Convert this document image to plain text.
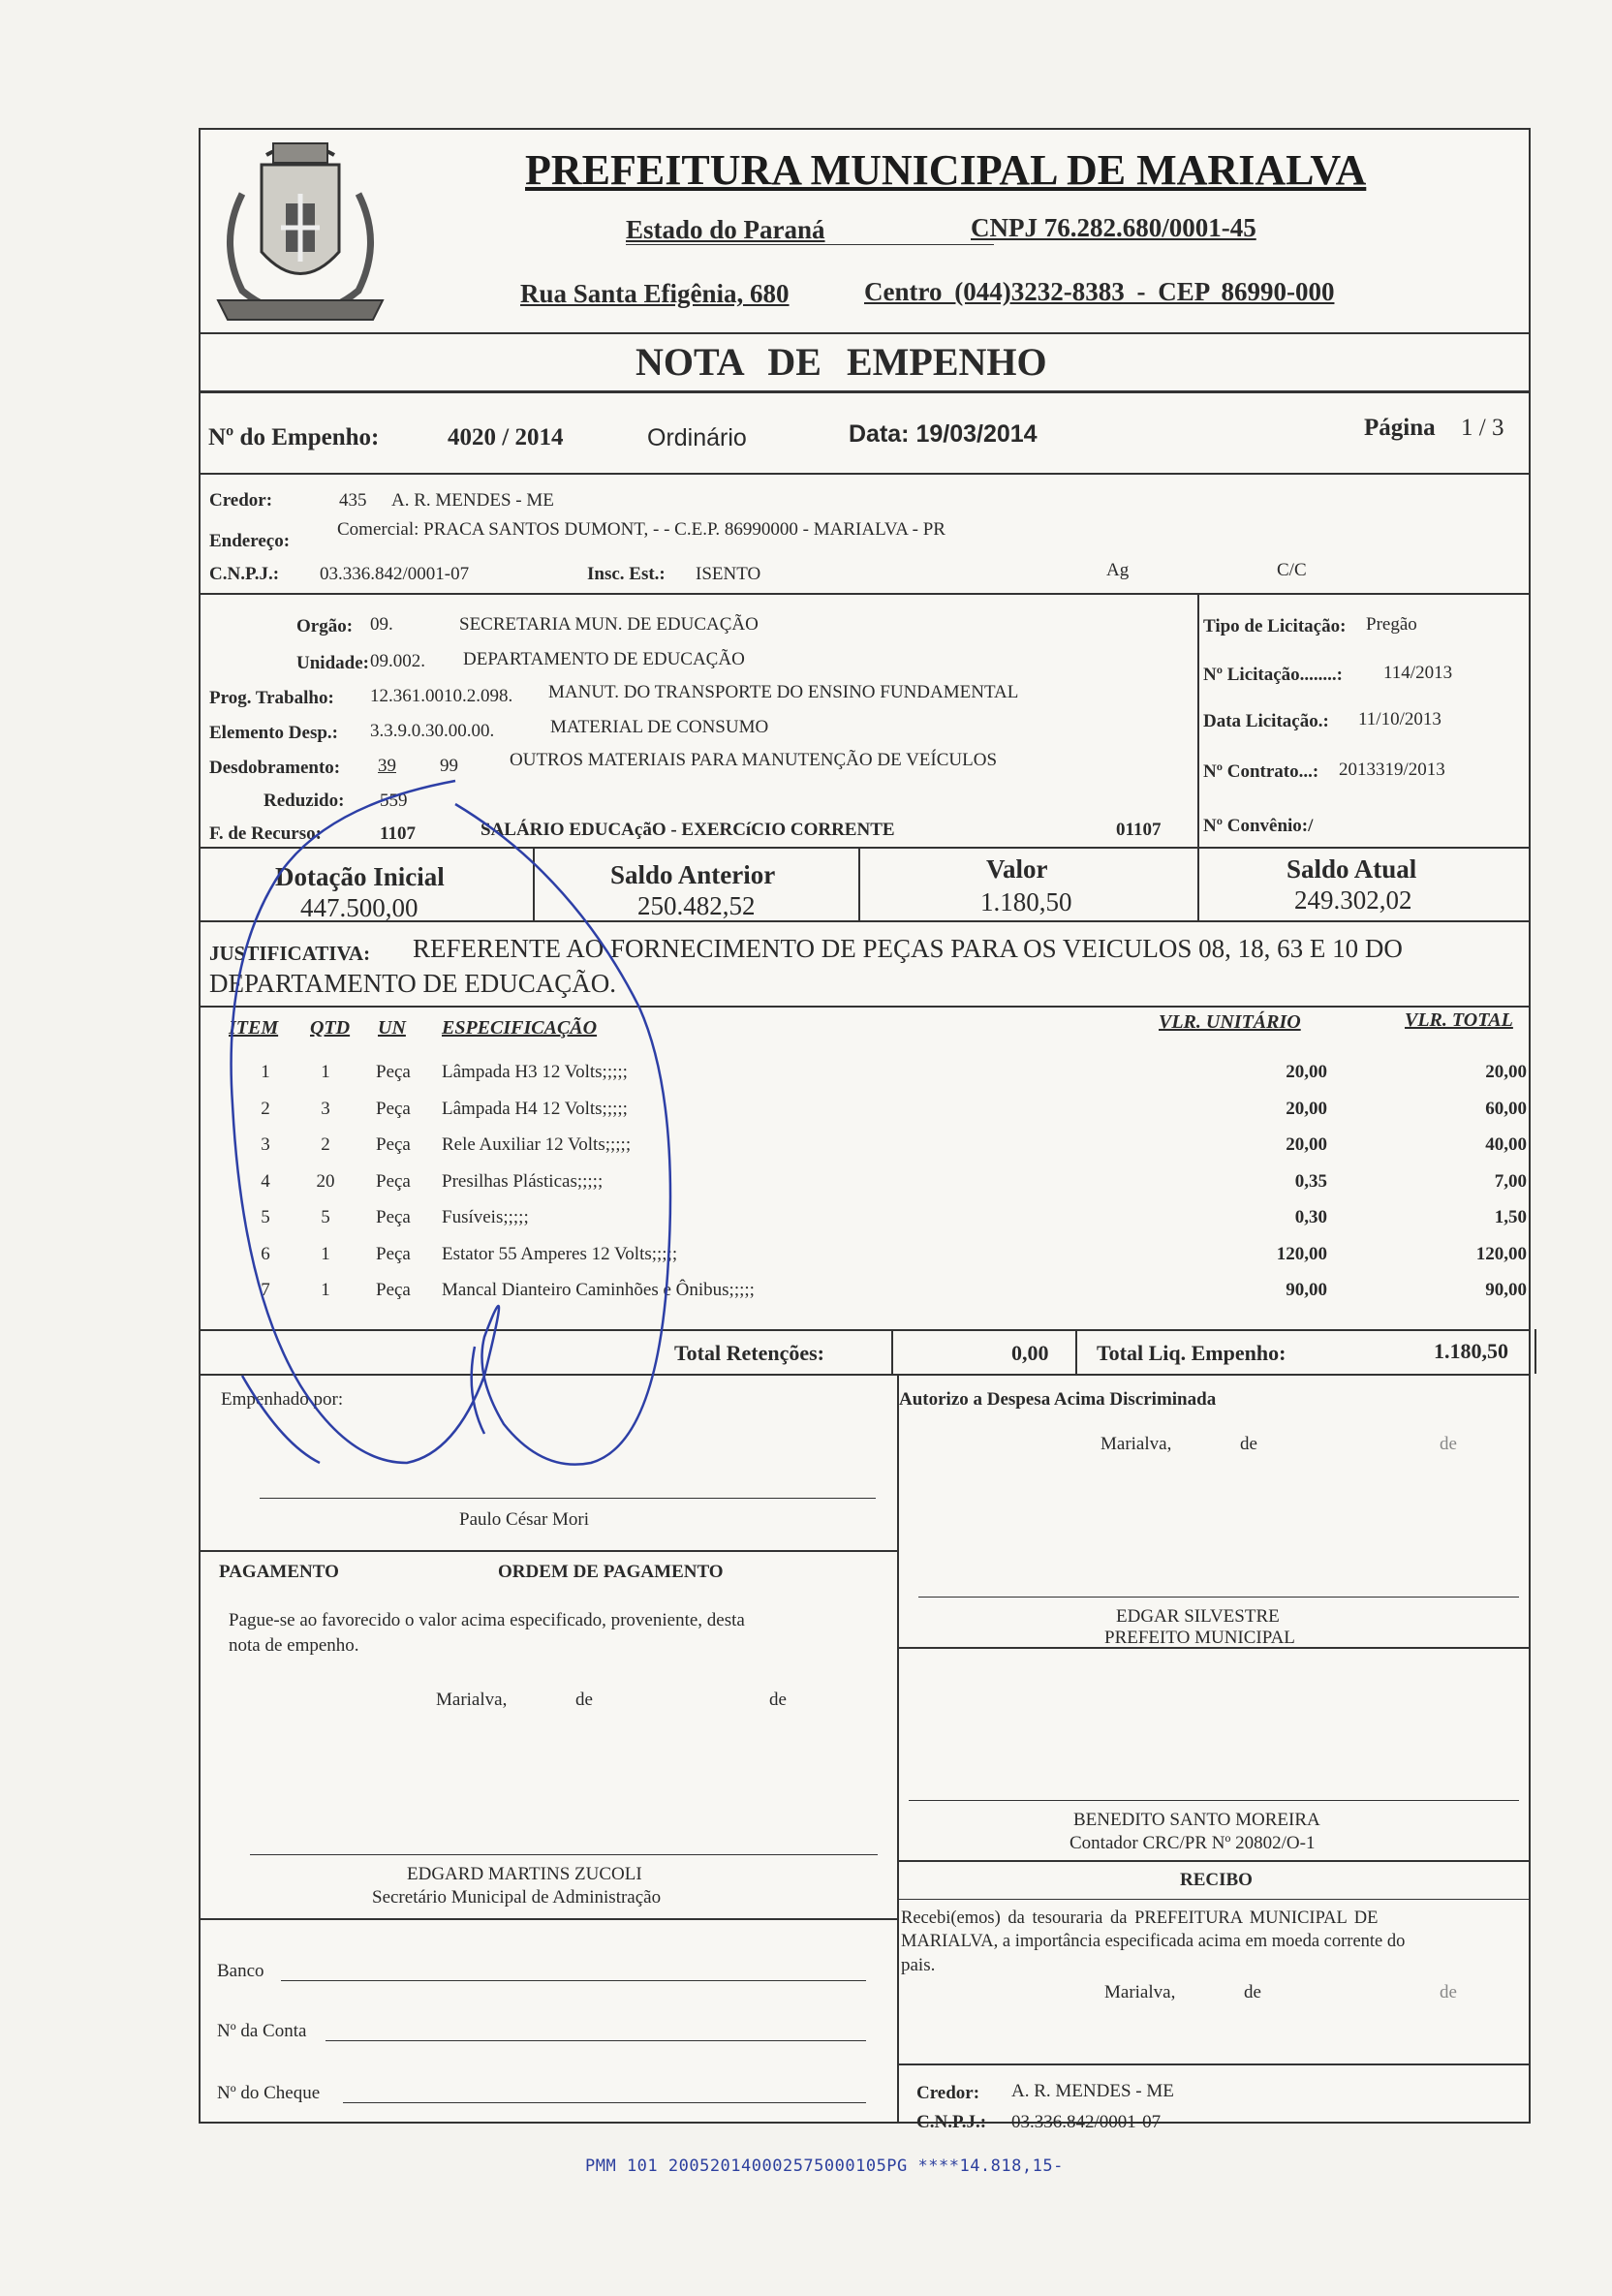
PREFEITURA MUNICIPAL DE MARIALVA
Estado do Paraná	CNPJ 76.282.680/0001-45
Rua Santa Efigênia, 680	Centro (044)3232-8383 - CEP 86990-000
NOTA DE EMPENHO
Nº do Empenho:	4020 / 2014	Ordinário	Data: 19/03/2014	Página 1 / 3
Credor:	435 A. R. MENDES - ME
Endereço:
Comercial: PRACA SANTOS DUMONT, - - C.E.P. 86990000 - MARIALVA - PR
C.N.P.J.: 03.336.842/0001-07	Insc. Est.: ISENTO	Ag	C/C
Orgão: 09.	SECRETARIA MUN. DE EDUCAÇÃO
Unidade: 09.002. DEPARTAMENTO DE EDUCAÇÃO
Prog. Trabalho: 12.361.0010.2.098. MANUT. DO TRANSPORTE DO ENSINO FUNDAMENTAL
Elemento Desp.: 3.3.9.0.30.00.00.	MATERIAL DE CONSUMO
Desdobramento: 39 99	OUTROS MATERIAIS PARA MANUTENÇÃO DE VEÍCULOS
Reduzido: 559
F. de Recurso:	1107	SALÁRIO EDUCAçãO - EXERCíCIO CORRENTE	01107
Tipo de Licitação: Pregão
Nº Licitação........: 114/2013
Data Licitação.: 11/10/2013
Nº Contrato...: 2013319/2013
Nº Convênio:/
Dotação Inicial
447.500,00
Saldo Anterior
250.482,52
Valor
1.180,50
Saldo Atual
249.302,02
JUSTIFICATIVA: REFERENTE AO FORNECIMENTO DE PEÇAS PARA OS VEICULOS 08, 18, 63 E 10 DO
DEPARTAMENTO DE EDUCAÇÃO.
ITEM QTD UN ESPECIFICAÇÃO	VLR. UNITÁRIO	VLR. TOTAL
1	1	Peça	Lâmpada H3 12 Volts;;;;;	20,00	20,00
2	3	Peça	Lâmpada H4 12 Volts;;;;;	20,00	60,00
3	2	Peça	Rele Auxiliar 12 Volts;;;;;	20,00	40,00
4	20 Peça	Presilhas Plásticas;;;;;	0,35	7,00
5	5	Peça	Fusíveis;;;;;	0,30	1,50
6	1	Peça	Estator 55 Amperes 12 Volts;;;;;	120,00	120,00
7	1	Peça	Mancal Dianteiro Caminhões e Ônibus;;;;;	90,00	90,00
Total Retenções:	0,00 Total Liq. Empenho:	1.180,50
Empenhado por:
Paulo César Mori
Autorizo a Despesa Acima Discriminada
Marialva,	de	de
EDGAR SILVESTRE
PREFEITO MUNICIPAL
BENEDITO SANTO MOREIRA
Contador CRC/PR Nº 20802/O-1
RECIBO
Recebi(emos) da tesouraria da PREFEITURA MUNICIPAL DE
MARIALVA, a importância especificada acima em moeda corrente do
pais.
Marialva,	de	de
Credor: A. R. MENDES - ME
C.N.P.J.: 03.336.842/0001-07
PAGAMENTO	ORDEM DE PAGAMENTO
Pague-se ao favorecido o valor acima especificado, proveniente, desta
nota de empenho.
Marialva,	de	de
EDGARD MARTINS ZUCOLI
Secretário Municipal de Administração
Banco
Nº da Conta
Nº do Cheque
PMM 101 200520140002575000105PG ****14.818,15-
